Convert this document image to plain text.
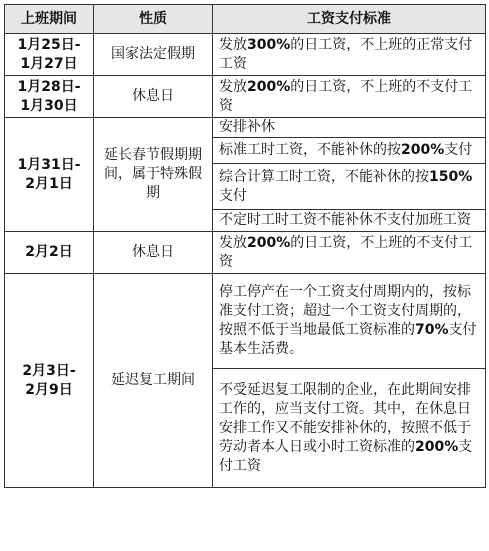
上班期间	性质	工资支付标准

1月25日-
1月27日	国家法定假期	发放300%的日工资，不上班的正常支付工资

1月28日-
1月30日	休息日	发放200%的日工资，不上班的不支付工资

1月31日-
2月1日	延长春节假期期间，属于特殊假期	安排补休
		标准工时工资，不能补休的按200%支付
		综合计算工时工资，不能补休的按150%支付
		不定时工时工资不能补休不支付加班工资

2月2日	休息日	发放200%的日工资，不上班的不支付工资

2月3日-
2月9日	延迟复工期间	停工停产在一个工资支付周期内的，按标准支付工资；超过一个工资支付周期的，按照不低于当地最低工资标准的70%支付基本生活费。
		不受延迟复工限制的企业，在此期间安排工作的，应当支付工资。其中，在休息日安排工作又不能安排补休的，按照不低于劳动者本人日或小时工资标准的200%支付工资
